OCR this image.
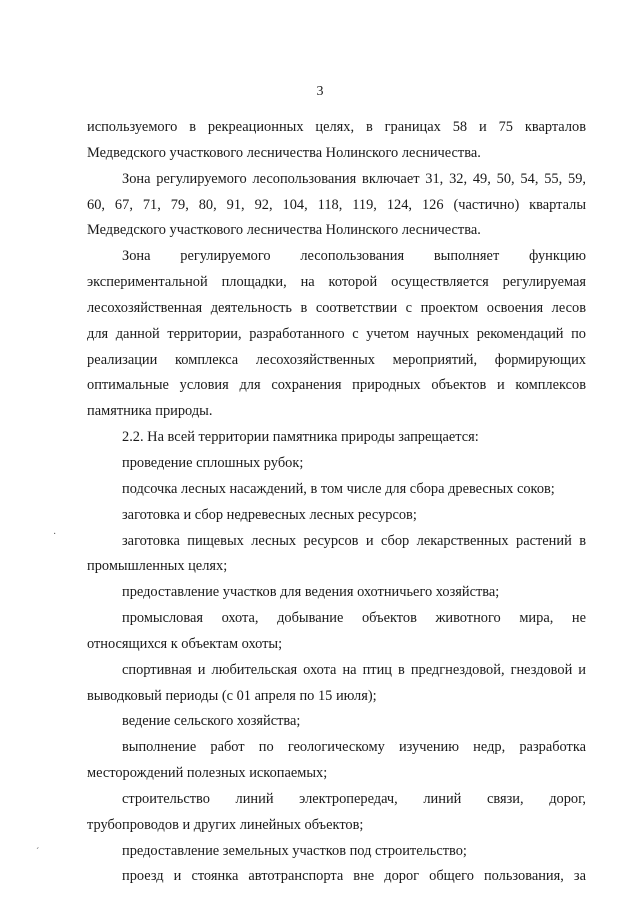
3
используемого в рекреационных целях, в границах 58 и 75 кварталов
Медведского участкового лесничества Нолинского лесничества.
Зона регулируемого лесопользования включает 31, 32, 49, 50, 54, 55, 59,
60, 67, 71, 79, 80, 91, 92, 104, 118, 119, 124, 126 (частично) кварталы
Медведского участкового лесничества Нолинского лесничества.
Зона регулируемого лесопользования выполняет функцию
экспериментальной площадки, на которой осуществляется регулируемая
лесохозяйственная деятельность в соответствии с проектом освоения лесов
для данной территории, разработанного с учетом научных рекомендаций по
реализации комплекса лесохозяйственных мероприятий, формирующих
оптимальные условия для сохранения природных объектов и комплексов
памятника природы.
2.2. На всей территории памятника природы запрещается:
проведение сплошных рубок;
подсочка лесных насаждений, в том числе для сбора древесных соков;
заготовка и сбор недревесных лесных ресурсов;
заготовка пищевых лесных ресурсов и сбор лекарственных растений в
промышленных целях;
предоставление участков для ведения охотничьего хозяйства;
промысловая охота, добывание объектов животного мира, не
относящихся к объектам охоты;
спортивная и любительская охота на птиц в предгнездовой, гнездовой и
выводковый периоды (с 01 апреля по 15 июля);
ведение сельского хозяйства;
выполнение работ по геологическому изучению недр, разработка
месторождений полезных ископаемых;
строительство линий электропередач, линий связи, дорог,
трубопроводов и других линейных объектов;
предоставление земельных участков под строительство;
проезд и стоянка автотранспорта вне дорог общего пользования, за
·
ˊ
